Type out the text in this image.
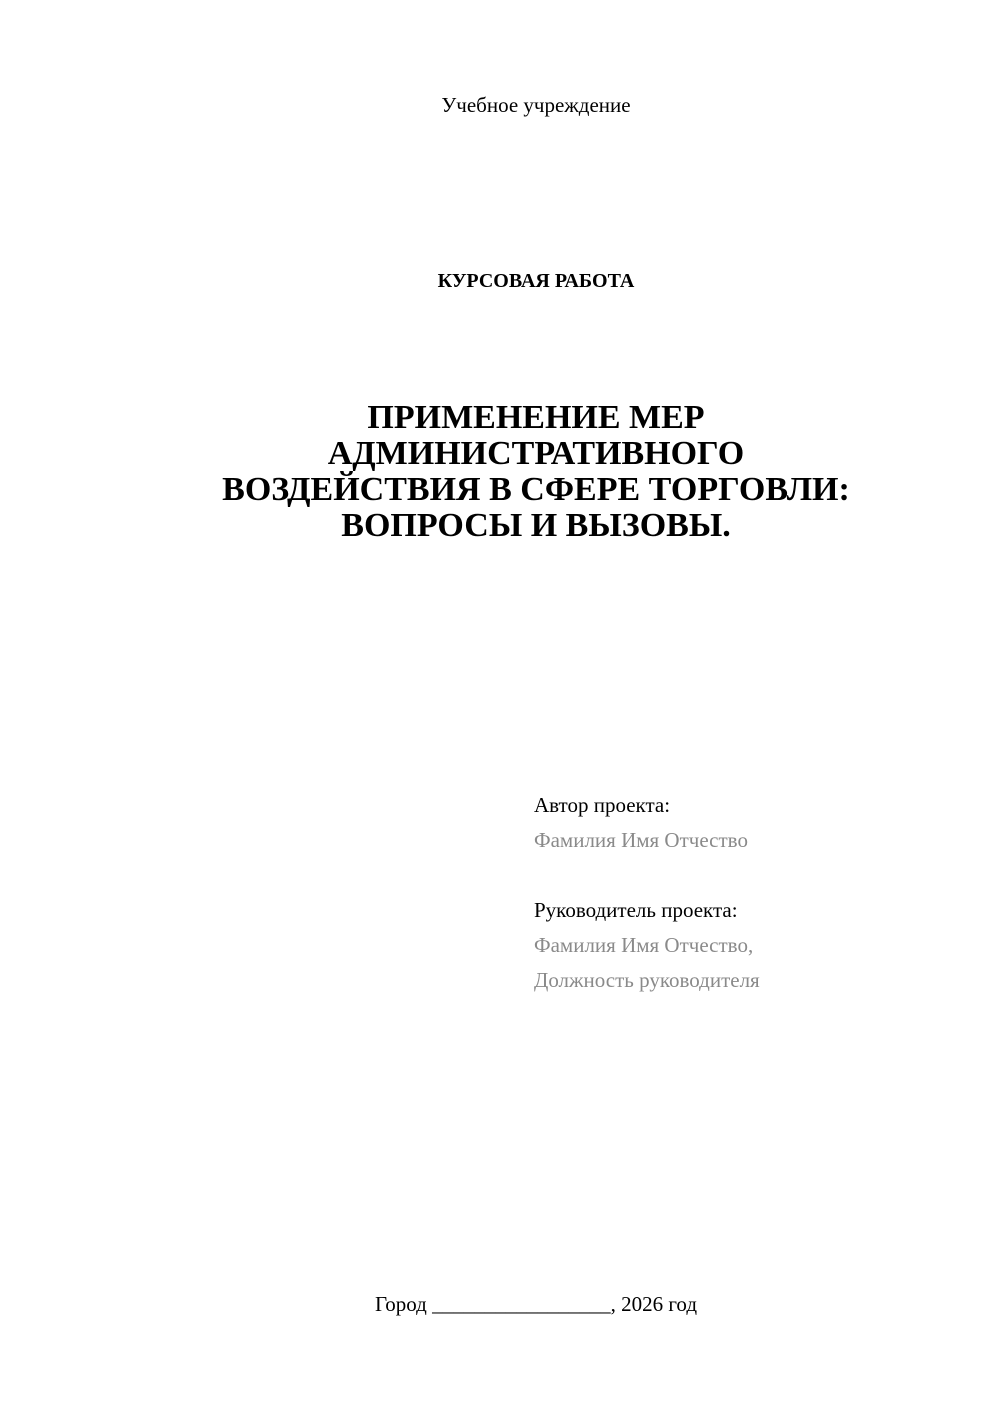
Учебное учреждение
КУРСОВАЯ РАБОТА
ПРИМЕНЕНИЕ МЕР
АДМИНИСТРАТИВНОГО
ВОЗДЕЙСТВИЯ В СФЕРЕ ТОРГОВЛИ:
ВОПРОСЫ И ВЫЗОВЫ.
Автор проекта:
Фамилия Имя Отчество
Руководитель проекта:
Фамилия Имя Отчество,
Должность руководителя
Город _________________, 2026 год
